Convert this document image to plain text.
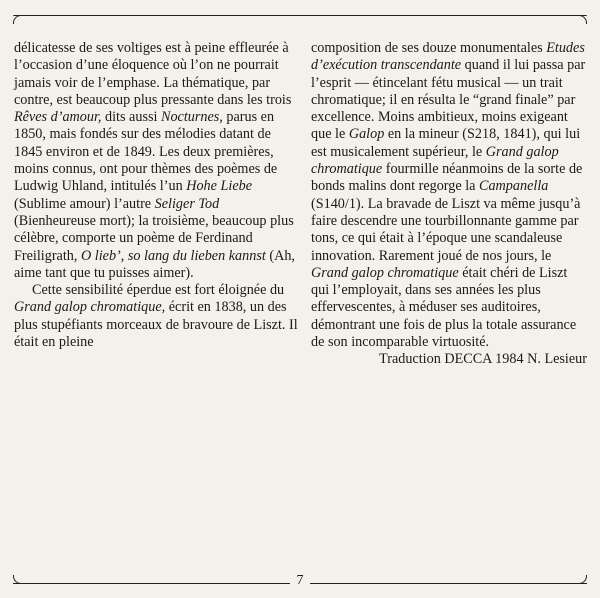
délicatesse de ses voltiges est à peine effleurée à l’occasion d’une éloquence où l’on ne pourrait jamais voir de l’emphase. La thématique, par contre, est beaucoup plus pressante dans les trois Rêves d’amour, dits aussi Nocturnes, parus en 1850, mais fondés sur des mélodies datant de 1845 environ et de 1849. Les deux premières, moins connus, ont pour thèmes des poèmes de Ludwig Uhland, intitulés l’un Hohe Liebe (Sublime amour) l’autre Seliger Tod (Bienheureuse mort); la troisième, beaucoup plus célèbre, comporte un poème de Ferdinand Freiligrath, O lieb’, so lang du lieben kannst (Ah, aime tant que tu puisses aimer).

Cette sensibilité éperdue est fort éloignée du Grand galop chromatique, écrit en 1838, un des plus stupéfiants morceaux de bravoure de Liszt. Il était en pleine

composition de ses douze monumentales Etudes d’exécution transcendante quand il lui passa par l’esprit — étincelant fétu musical — un trait chromatique; il en résulta le “grand finale” par excellence. Moins ambitieux, moins exigeant que le Galop en la mineur (S218, 1841), qui lui est musicalement supérieur, le Grand galop chromatique fourmille néanmoins de la sorte de bonds malins dont regorge la Campanella (S140/1). La bravade de Liszt va même jusqu’à faire descendre une tourbillonnante gamme par tons, ce qui était à l’époque une scandaleuse innovation. Rarement joué de nos jours, le Grand galop chromatique était chéri de Liszt qui l’employait, dans ses années les plus effervescentes, à méduser ses auditoires, démontrant une fois de plus la totale assurance de son incomparable virtuosité.

Traduction DECCA 1984 N. Lesieur

7
